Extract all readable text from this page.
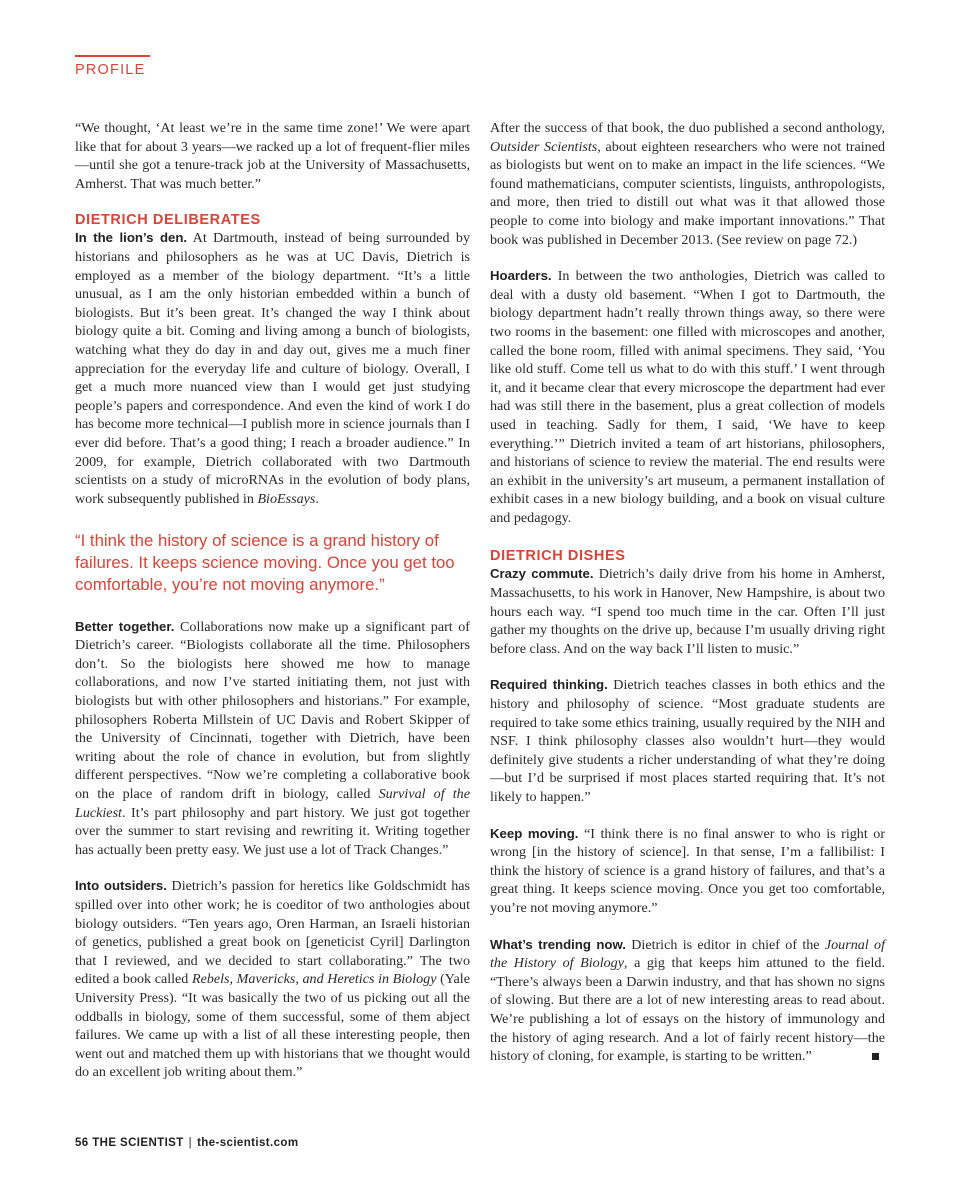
PROFILE

“We thought, ‘At least we’re in the same time zone!’ We were apart like that for about 3 years—we racked up a lot of frequent-flier miles—until she got a tenure-track job at the University of Massachusetts, Amherst. That was much better.”

DIETRICH DELIBERATES

In the lion’s den. At Dartmouth, instead of being surrounded by historians and philosophers as he was at UC Davis, Dietrich is employed as a member of the biology department. “It’s a little unusual, as I am the only historian embedded within a bunch of biologists. But it’s been great. It’s changed the way I think about biology quite a bit. Coming and living among a bunch of biologists, watching what they do day in and day out, gives me a much finer appreciation for the everyday life and culture of biology. Overall, I get a much more nuanced view than I would get just studying people’s papers and correspondence. And even the kind of work I do has become more technical—I publish more in science journals than I ever did before. That’s a good thing; I reach a broader audience.” In 2009, for example, Dietrich collaborated with two Dartmouth scientists on a study of microRNAs in the evolution of body plans, work subsequently published in BioEssays.

“I think the history of science is a grand history of failures. It keeps science moving. Once you get too comfortable, you’re not moving anymore.”

Better together. Collaborations now make up a significant part of Dietrich’s career. “Biologists collaborate all the time. Philosophers don’t. So the biologists here showed me how to manage collaborations, and now I’ve started initiating them, not just with biologists but with other philosophers and historians.” For example, philosophers Roberta Millstein of UC Davis and Robert Skipper of the University of Cincinnati, together with Dietrich, have been writing about the role of chance in evolution, but from slightly different perspectives. “Now we’re completing a collaborative book on the place of random drift in biology, called Survival of the Luckiest. It’s part philosophy and part history. We just got together over the summer to start revising and rewriting it. Writing together has actually been pretty easy. We just use a lot of Track Changes.”

Into outsiders. Dietrich’s passion for heretics like Goldschmidt has spilled over into other work; he is coeditor of two anthologies about biology outsiders. “Ten years ago, Oren Harman, an Israeli historian of genetics, published a great book on [geneticist Cyril] Darlington that I reviewed, and we decided to start collaborating.” The two edited a book called Rebels, Mavericks, and Heretics in Biology (Yale University Press). “It was basically the two of us picking out all the oddballs in biology, some of them successful, some of them abject failures. We came up with a list of all these interesting people, then went out and matched them up with historians that we thought would do an excellent job writing about them.”

After the success of that book, the duo published a second anthology, Outsider Scientists, about eighteen researchers who were not trained as biologists but went on to make an impact in the life sciences. “We found mathematicians, computer scientists, linguists, anthropologists, and more, then tried to distill out what was it that allowed those people to come into biology and make important innovations.” That book was published in December 2013. (See review on page 72.)

Hoarders. In between the two anthologies, Dietrich was called to deal with a dusty old basement. “When I got to Dartmouth, the biology department hadn’t really thrown things away, so there were two rooms in the basement: one filled with microscopes and another, called the bone room, filled with animal specimens. They said, ‘You like old stuff. Come tell us what to do with this stuff.’ I went through it, and it became clear that every microscope the department had ever had was still there in the basement, plus a great collection of models used in teaching. Sadly for them, I said, ‘We have to keep everything.’” Dietrich invited a team of art historians, philosophers, and historians of science to review the material. The end results were an exhibit in the university’s art museum, a permanent installation of exhibit cases in a new biology building, and a book on visual culture and pedagogy.

DIETRICH DISHES

Crazy commute. Dietrich’s daily drive from his home in Amherst, Massachusetts, to his work in Hanover, New Hampshire, is about two hours each way. “I spend too much time in the car. Often I’ll just gather my thoughts on the drive up, because I’m usually driving right before class. And on the way back I’ll listen to music.”

Required thinking. Dietrich teaches classes in both ethics and the history and philosophy of science. “Most graduate students are required to take some ethics training, usually required by the NIH and NSF. I think philosophy classes also wouldn’t hurt—they would definitely give students a richer understanding of what they’re doing—but I’d be surprised if most places started requiring that. It’s not likely to happen.”

Keep moving. “I think there is no final answer to who is right or wrong [in the history of science]. In that sense, I’m a fallibilist: I think the history of science is a grand history of failures, and that’s a great thing. It keeps science moving. Once you get too comfortable, you’re not moving anymore.”

What’s trending now. Dietrich is editor in chief of the Journal of the History of Biology, a gig that keeps him attuned to the field. “There’s always been a Darwin industry, and that has shown no signs of slowing. But there are a lot of new interesting areas to read about. We’re publishing a lot of essays on the history of immunology and the history of aging research. And a lot of fairly recent history—the history of cloning, for example, is starting to be written.”

56 THE SCIENTIST | the-scientist.com
